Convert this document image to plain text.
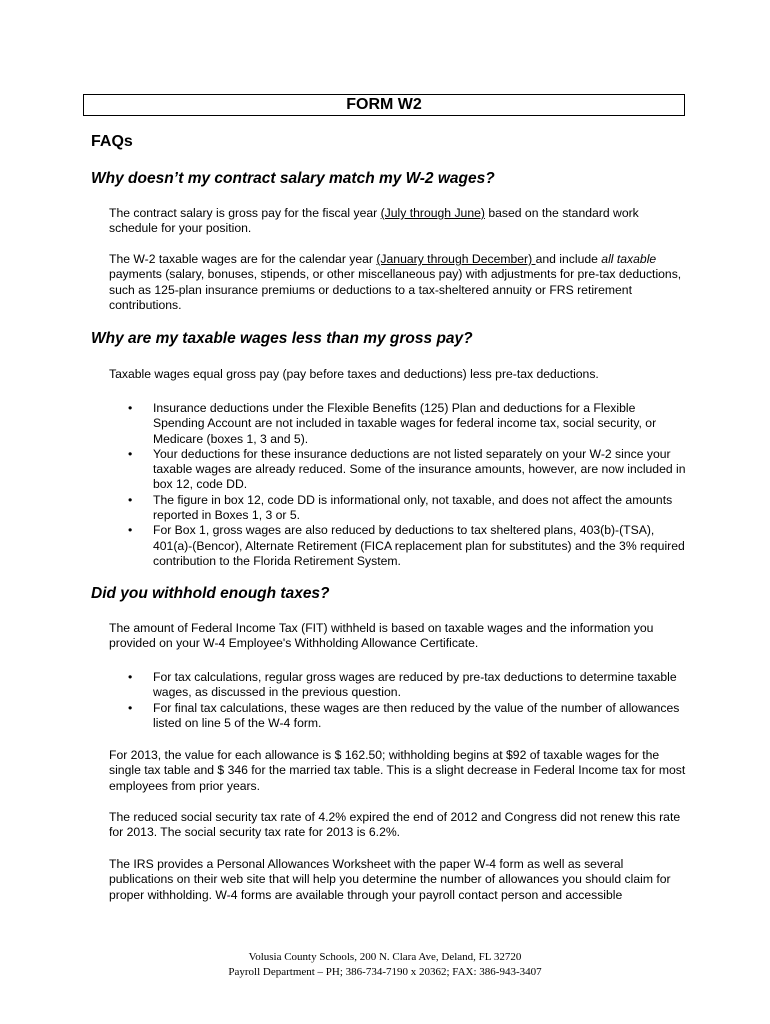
FORM W2
FAQs
Why doesn’t my contract salary match my W-2 wages?

The contract salary is gross pay for the fiscal year (July through June) based on the standard work schedule for your position.

The W-2 taxable wages are for the calendar year (January through December) and include all taxable payments (salary, bonuses, stipends, or other miscellaneous pay) with adjustments for pre-tax deductions, such as 125-plan insurance premiums or deductions to a tax-sheltered annuity or FRS retirement contributions.

Why are my taxable wages less than my gross pay?

Taxable wages equal gross pay (pay before taxes and deductions) less pre-tax deductions.

• Insurance deductions under the Flexible Benefits (125) Plan and deductions for a Flexible Spending Account are not included in taxable wages for federal income tax, social security, or Medicare (boxes 1, 3 and 5).
• Your deductions for these insurance deductions are not listed separately on your W-2 since your taxable wages are already reduced. Some of the insurance amounts, however, are now included in box 12, code DD.
• The figure in box 12, code DD is informational only, not taxable, and does not affect the amounts reported in Boxes 1, 3 or 5.
• For Box 1, gross wages are also reduced by deductions to tax sheltered plans, 403(b)-(TSA), 401(a)-(Bencor), Alternate Retirement (FICA replacement plan for substitutes) and the 3% required contribution to the Florida Retirement System.
Did you withhold enough taxes?

The amount of Federal Income Tax (FIT) withheld is based on taxable wages and the information you provided on your W-4 Employee's Withholding Allowance Certificate.

• For tax calculations, regular gross wages are reduced by pre-tax deductions to determine taxable wages, as discussed in the previous question.
• For final tax calculations, these wages are then reduced by the value of the number of allowances listed on line 5 of the W-4 form.

For 2013, the value for each allowance is $ 162.50; withholding begins at $92 of taxable wages for the single tax table and $ 346 for the married tax table. This is a slight decrease in Federal Income tax for most employees from prior years.

The reduced social security tax rate of 4.2% expired the end of 2012 and Congress did not renew this rate for 2013. The social security tax rate for 2013 is 6.2%.

The IRS provides a Personal Allowances Worksheet with the paper W-4 form as well as several publications on their web site that will help you determine the number of allowances you should claim for proper withholding. W-4 forms are available through your payroll contact person and accessible

Volusia County Schools, 200 N. Clara Ave, Deland, FL 32720
Payroll Department – PH; 386-734-7190 x 20362; FAX: 386-943-3407
